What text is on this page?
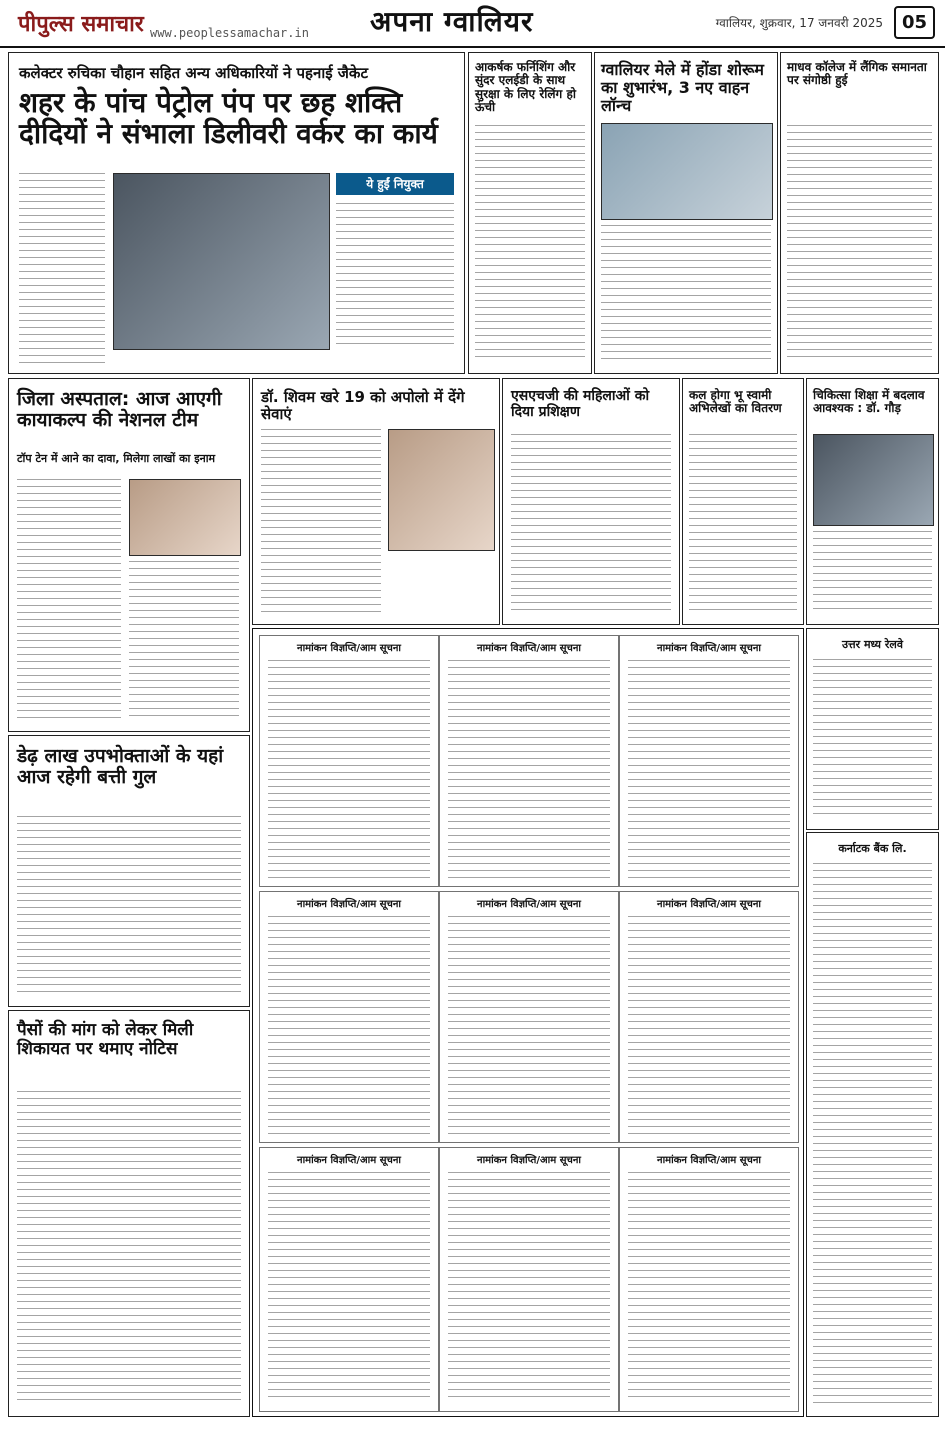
पीपुल्स समाचार www.peoplessamachar.in अपना ग्वालियर	ग्वालियर, शुक्रवार, 17 जनवरी 2025	05
कलेक्टर रुचिका चौहान सहित अन्य अधिकारियों ने पहनाई जैकेट
शहर के पांच पेट्रोल पंप पर छह शक्ति दीदियों ने संभाला डिलीवरी वर्कर का कार्य
ये हुईं नियुक्त
आकर्षक फर्निशिंग और सुंदर एलईडी के साथ सुरक्षा के लिए रेलिंग हो ऊंची
ग्वालियर मेले में होंडा शोरूम का शुभारंभ, 3 नए वाहन लॉन्च
माधव कॉलेज में लैंगिक समानता पर संगोष्ठी हुई
जिला अस्पताल: आज आएगी कायाकल्प की नेशनल टीम
टॉप टेन में आने का दावा, मिलेगा लाखों का इनाम
डेढ़ लाख उपभोक्ताओं के यहां आज रहेगी बत्ती गुल
पैसों की मांग को लेकर मिली शिकायत पर थमाए नोटिस
डॉ. शिवम खरे 19 को अपोलो में देंगे सेवाएं
एसएचजी की महिलाओं को दिया प्रशिक्षण
कल होगा भू स्वामी अभिलेखों का वितरण
चिकित्सा शिक्षा में बदलाव आवश्यक : डॉ. गौड़
नामांकन विज्ञप्ति/आम सूचना	नामांकन विज्ञप्ति/आम सूचना	नामांकन विज्ञप्ति/आम सूचना
नामांकन विज्ञप्ति/आम सूचना	नामांकन विज्ञप्ति/आम सूचना	नामांकन विज्ञप्ति/आम सूचना
नामांकन विज्ञप्ति/आम सूचना	नामांकन विज्ञप्ति/आम सूचना	नामांकन विज्ञप्ति/आम सूचना
उत्तर मध्य रेलवे
कर्नाटक बैंक लि.
